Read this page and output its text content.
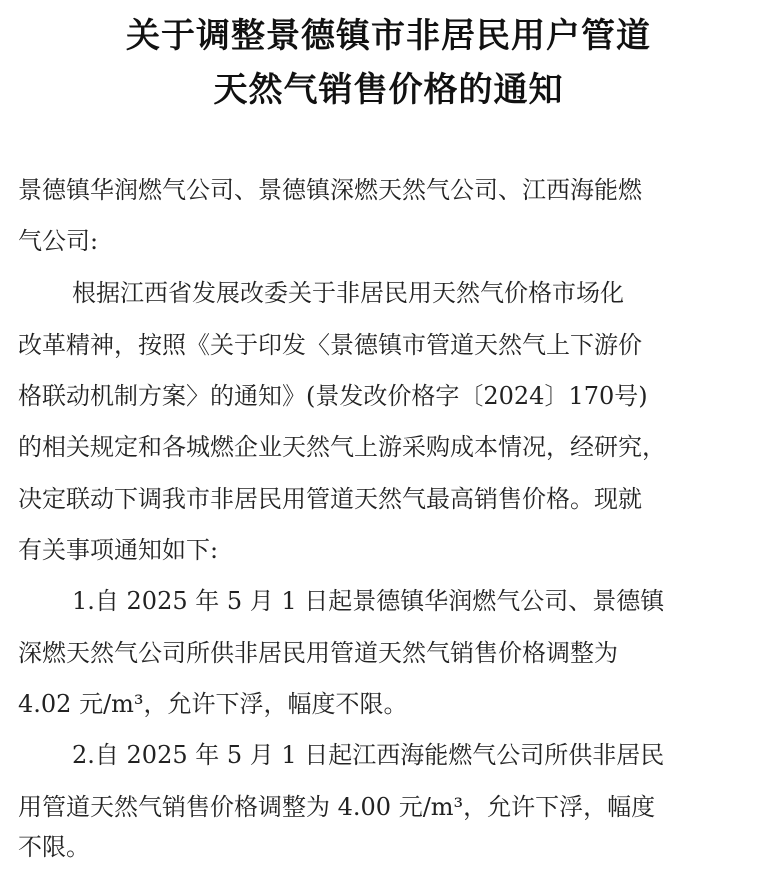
关于调整景德镇市非居民用户管道
天然气销售价格的通知
景德镇华润燃气公司、景德镇深燃天然气公司、江西海能燃
气公司:
根据江西省发展改委关于非居民用天然气价格市场化
改革精神，按照《关于印发〈景德镇市管道天然气上下游价
格联动机制方案〉的通知》(景发改价格字〔2024〕170号)
的相关规定和各城燃企业天然气上游采购成本情况，经研究，
决定联动下调我市非居民用管道天然气最高销售价格。现就
有关事项通知如下:
1.自 2025 年 5 月 1 日起景德镇华润燃气公司、景德镇
深燃天然气公司所供非居民用管道天然气销售价格调整为
4.02 元/m³，允许下浮，幅度不限。
2.自 2025 年 5 月 1 日起江西海能燃气公司所供非居民
用管道天然气销售价格调整为 4.00 元/m³，允许下浮，幅度
不限。
